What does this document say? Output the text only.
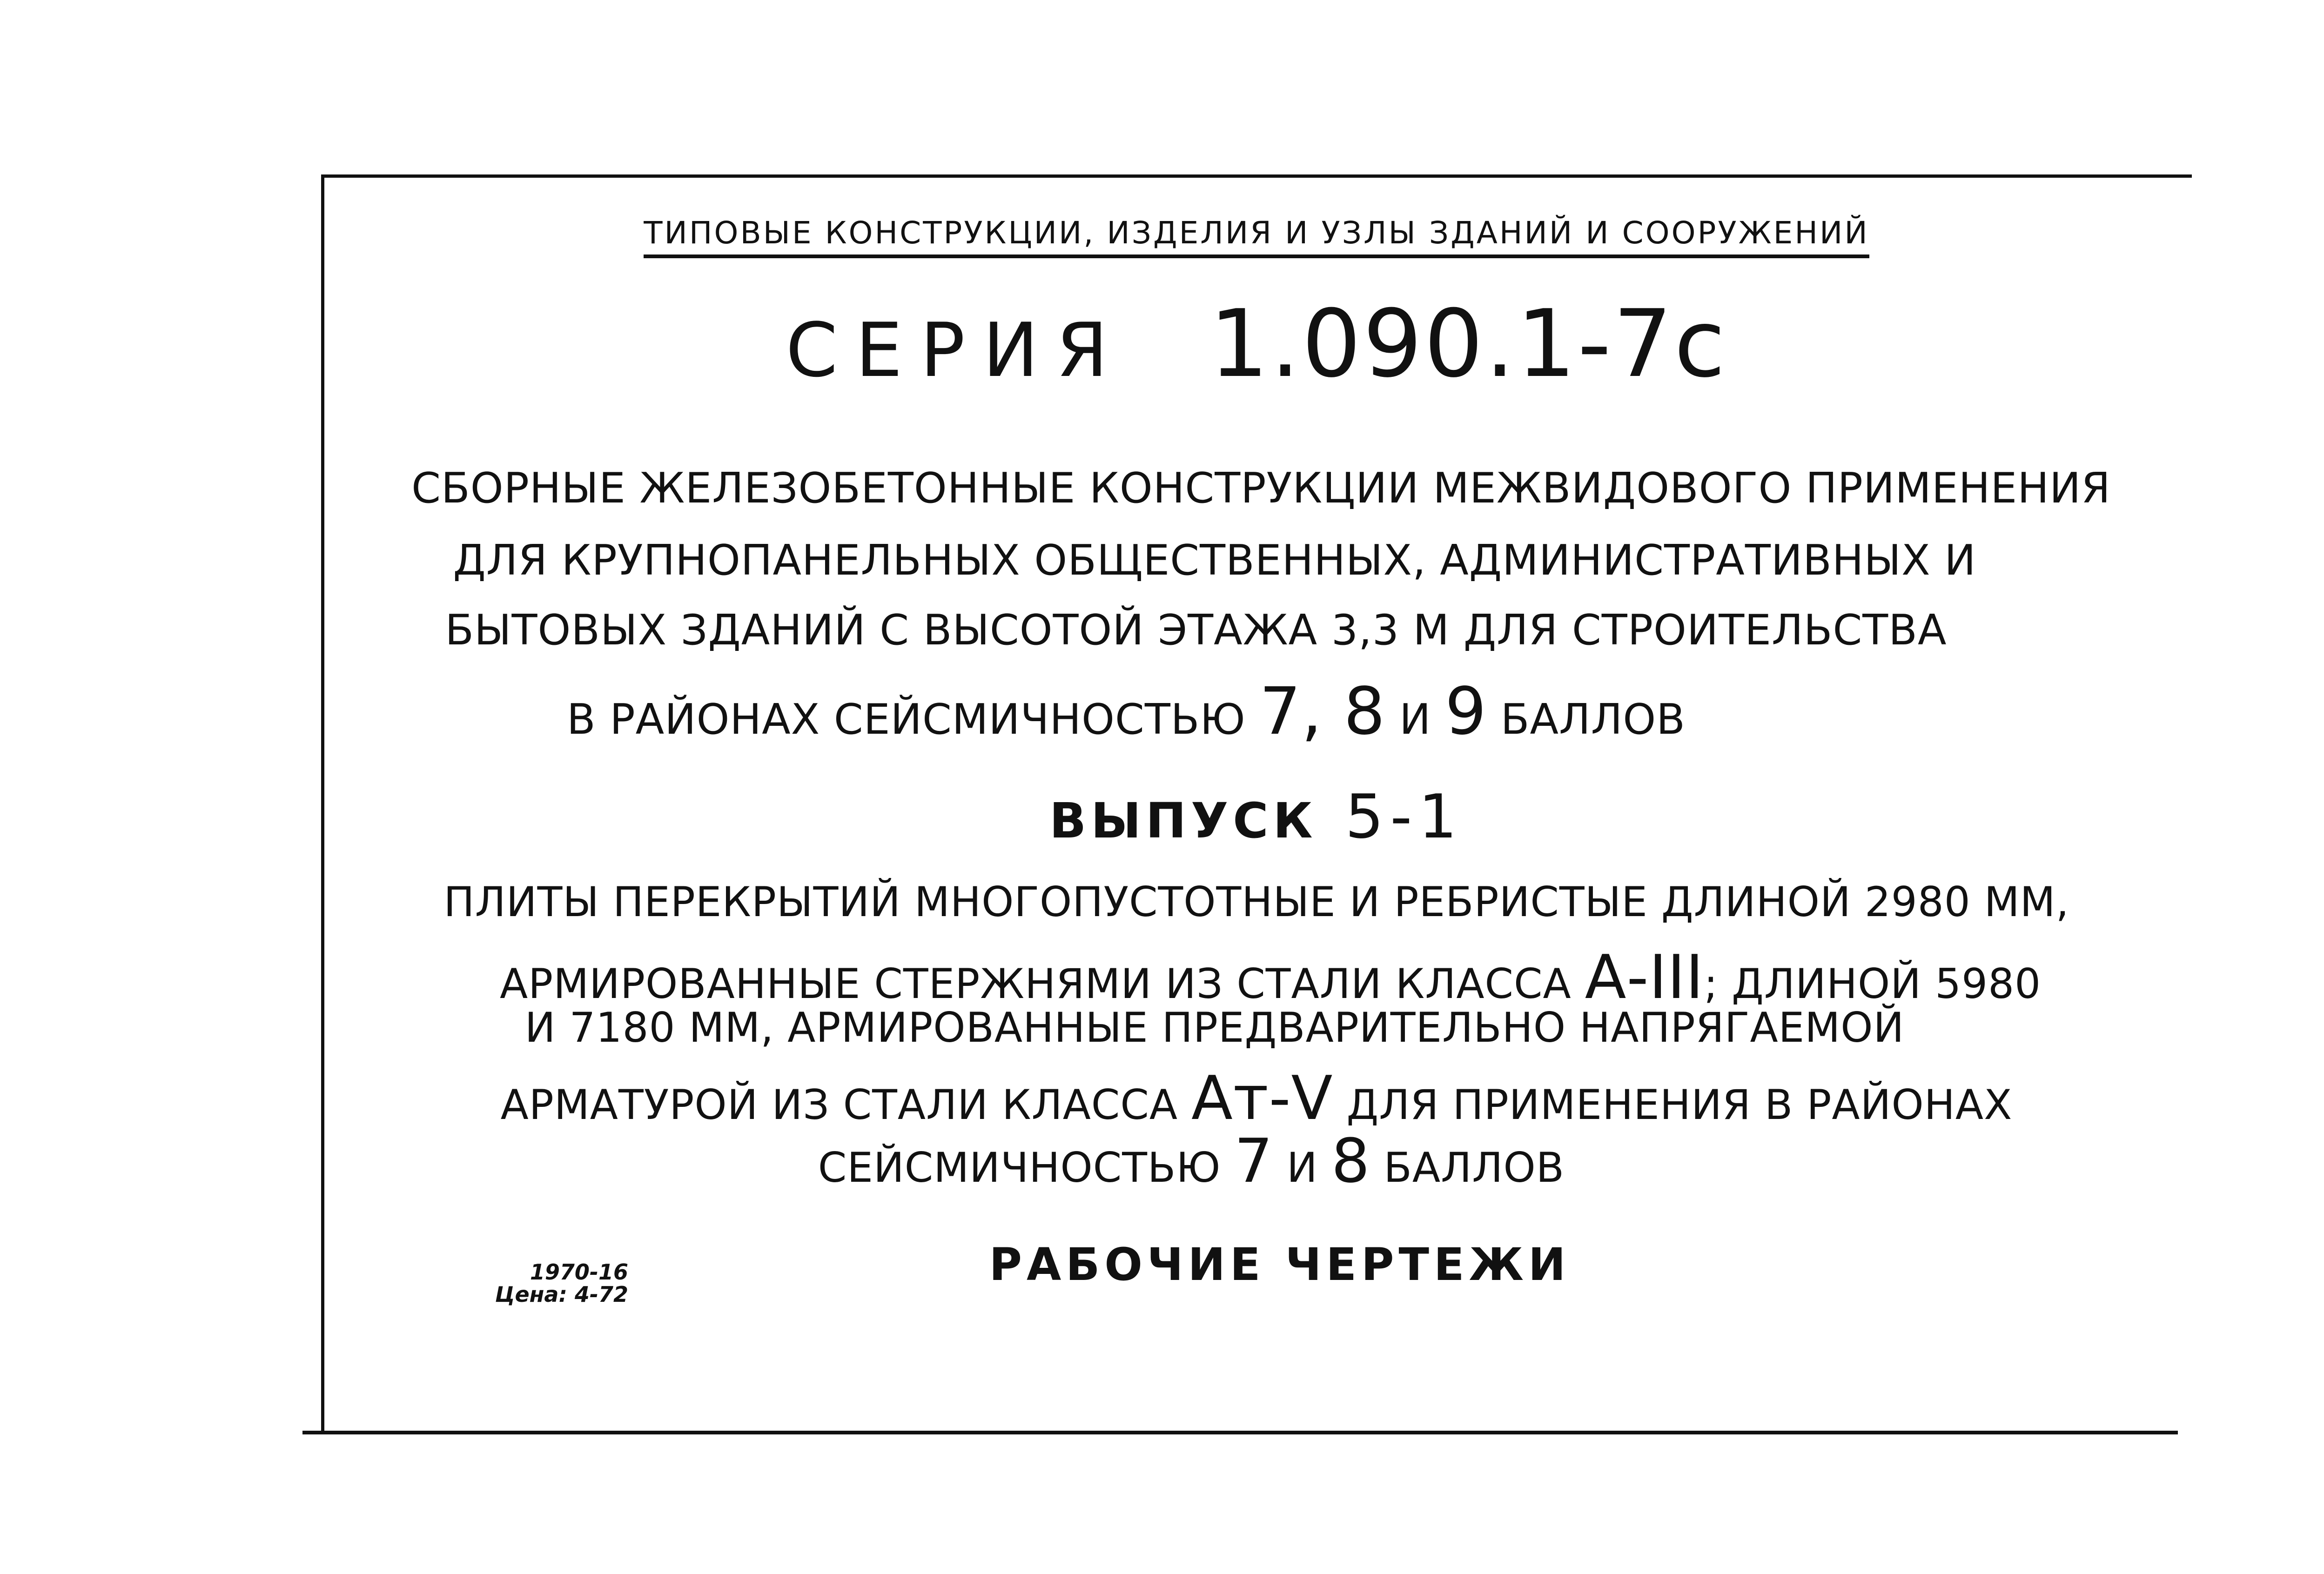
ТИПОВЫЕ КОНСТРУКЦИИ, ИЗДЕЛИЯ И УЗЛЫ ЗДАНИЙ И СООРУЖЕНИЙ
СЕРИЯ 1.090.1-7с
СБОРНЫЕ ЖЕЛЕЗОБЕТОННЫЕ КОНСТРУКЦИИ МЕЖВИДОВОГО ПРИМЕНЕНИЯ
ДЛЯ КРУПНОПАНЕЛЬНЫХ ОБЩЕСТВЕННЫХ, АДМИНИСТРАТИВНЫХ И
БЫТОВЫХ ЗДАНИЙ С ВЫСОТОЙ ЭТАЖА 3,3 М ДЛЯ СТРОИТЕЛЬСТВА
В РАЙОНАХ СЕЙСМИЧНОСТЬЮ 7, 8 И 9 БАЛЛОВ
ВЫПУСК 5-1
ПЛИТЫ ПЕРЕКРЫТИЙ МНОГОПУСТОТНЫЕ И РЕБРИСТЫЕ ДЛИНОЙ 2980 ММ,
АРМИРОВАННЫЕ СТЕРЖНЯМИ ИЗ СТАЛИ КЛАССА А-III; ДЛИНОЙ 5980
И 7180 ММ, АРМИРОВАННЫЕ ПРЕДВАРИТЕЛЬНО НАПРЯГАЕМОЙ
АРМАТУРОЙ ИЗ СТАЛИ КЛАССА Ат-V ДЛЯ ПРИМЕНЕНИЯ В РАЙОНАХ
СЕЙСМИЧНОСТЬЮ 7 И 8 БАЛЛОВ
РАБОЧИЕ ЧЕРТЕЖИ
1970-16
Цена: 4-72
